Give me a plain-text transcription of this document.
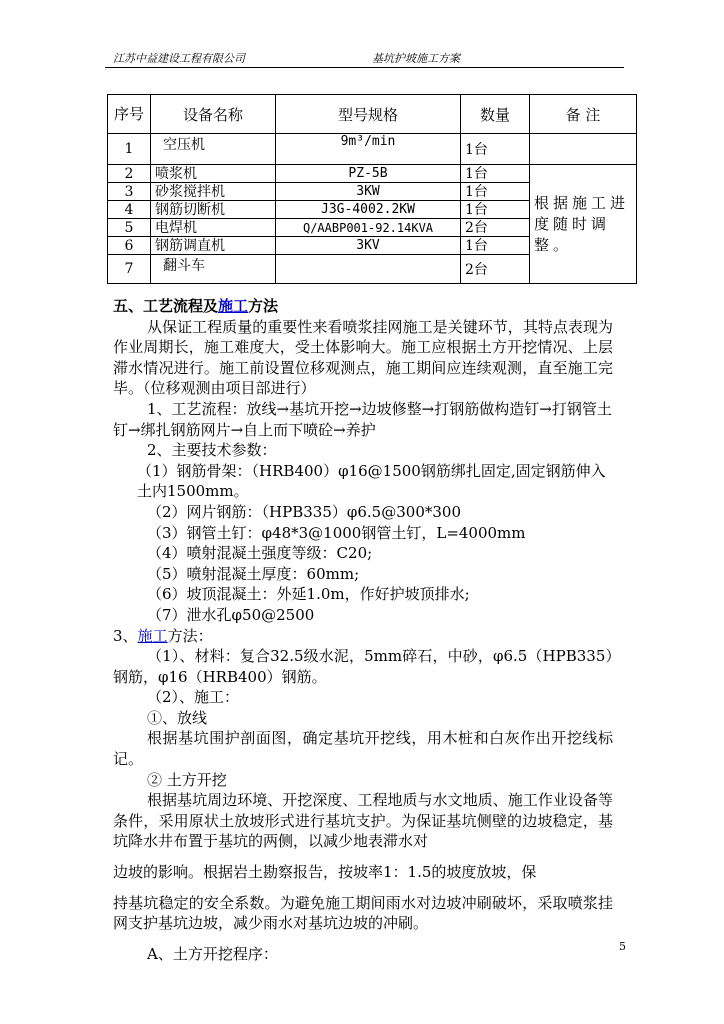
江苏中益建设工程有限公司	基坑护坡施工方案
序号	设备名称	型号规格	数量	备 注
1	空压机	9m³/min	1台	
2	喷浆机	PZ-5B	1台	根据施工进度随时调整。
3	砂浆搅拌机	3KW	1台	
4	钢筋切断机	J3G-4002.2KW	1台	
5	电焊机	Q/AABP001-92.14KVA	2台	
6	钢筋调直机	3KV	1台	
7	翻斗车		2台	

五、工艺流程及施工方法

从保证工程质量的重要性来看喷浆挂网施工是关键环节，其特点表现为作业周期长，施工难度大，受土体影响大。施工应根据土方开挖情况、上层滞水情况进行。施工前设置位移观测点，施工期间应连续观测，直至施工完毕。（位移观测由项目部进行）

1、工艺流程：放线→基坑开挖→边坡修整→打钢筋做构造钉→打钢管土钉→绑扎钢筋网片→自上而下喷砼→养护

2、主要技术参数：

（1）钢筋骨架：（HRB400）φ16@1500钢筋绑扎固定,固定钢筋伸入土内1500mm。

（2）网片钢筋：（HPB335）φ6.5@300*300

（3）钢管土钉：φ48*3@1000钢管土钉，L=4000mm

（4）喷射混凝土强度等级：C20;

（5）喷射混凝土厚度：60mm;

（6）坡顶混凝土：外延1.0m，作好护坡顶排水;

（7）泄水孔φ50@2500

3、施工方法：

（1）、材料：复合32.5级水泥，5mm碎石，中砂，φ6.5（HPB335）钢筋，φ16（HRB400）钢筋。

（2）、施工：

①、放线

根据基坑围护剖面图，确定基坑开挖线，用木桩和白灰作出开挖线标记。

② 土方开挖

根据基坑周边环境、开挖深度、工程地质与水文地质、施工作业设备等条件，采用原状土放坡形式进行基坑支护。为保证基坑侧壁的边坡稳定，基坑降水井布置于基坑的两侧，以减少地表滞水对

边坡的影响。根据岩土勘察报告，按坡率1：1.5的坡度放坡，保

持基坑稳定的安全系数。为避免施工期间雨水对边坡冲刷破坏，采取喷浆挂网支护基坑边坡，减少雨水对基坑边坡的冲刷。

A、土方开挖程序：	5
